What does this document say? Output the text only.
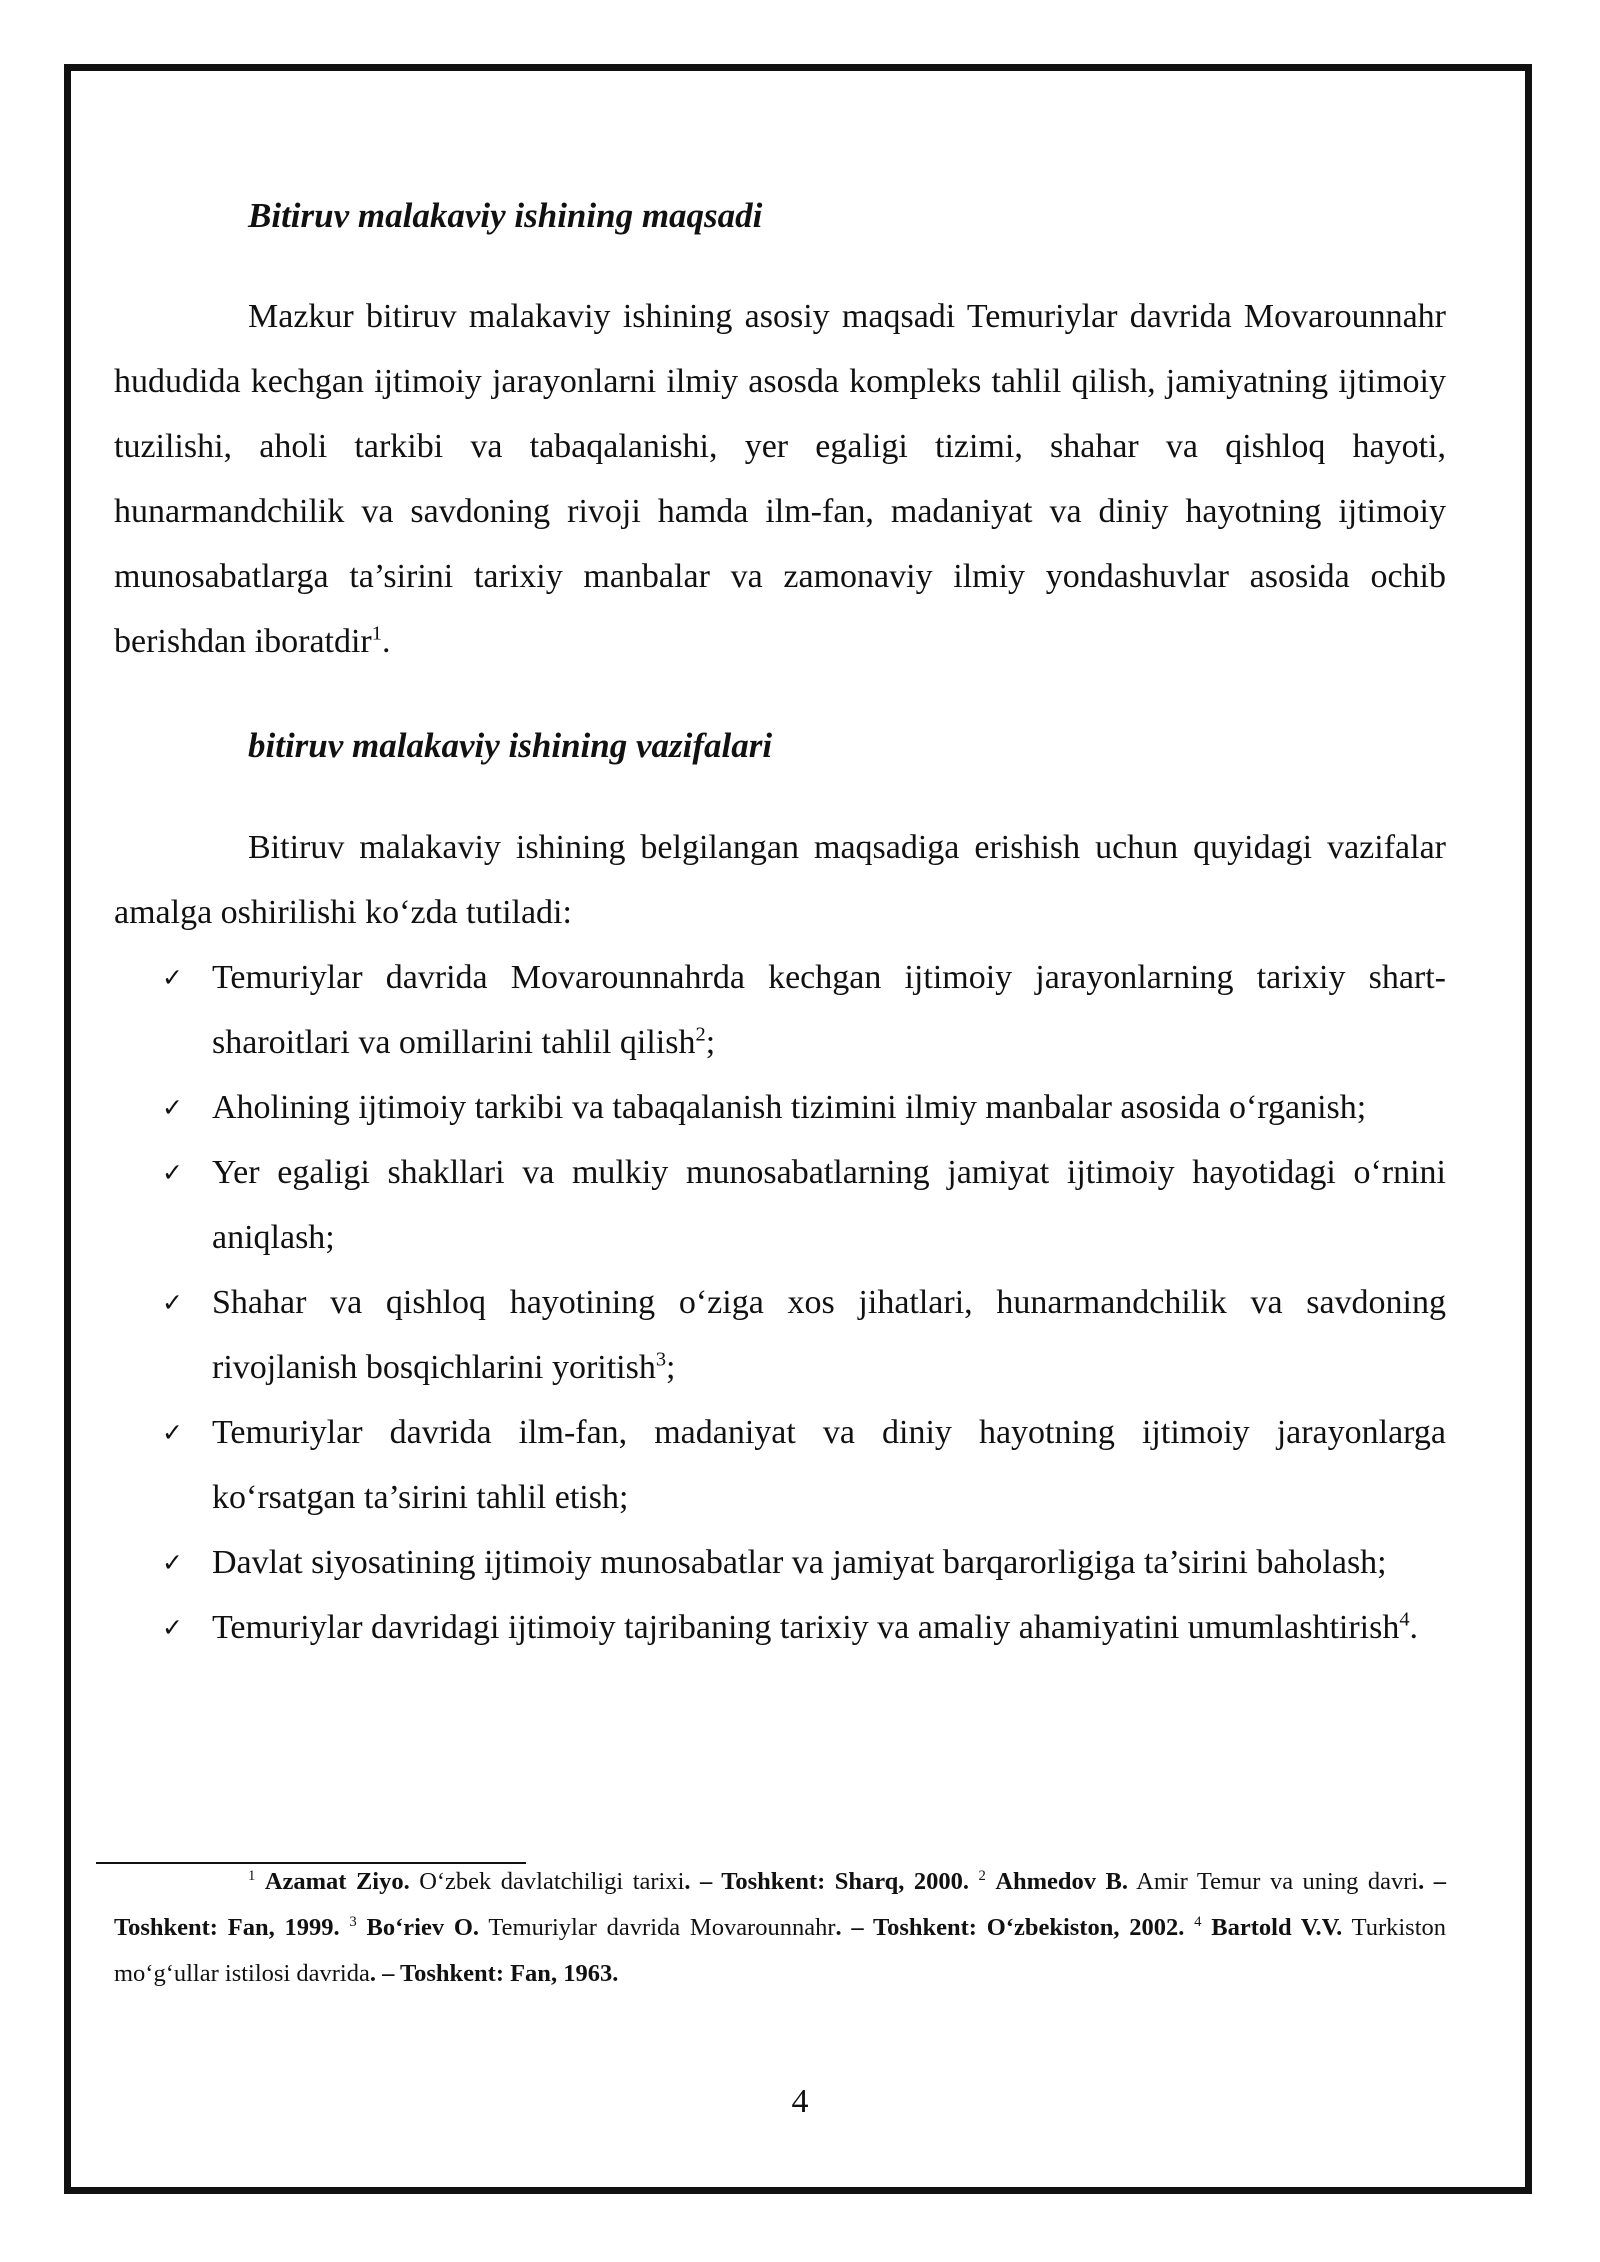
Bitiruv malakaviy ishining maqsadi

Mazkur bitiruv malakaviy ishining asosiy maqsadi Temuriylar davrida Movarounnahr hududida kechgan ijtimoiy jarayonlarni ilmiy asosda kompleks tahlil qilish, jamiyatning ijtimoiy tuzilishi, aholi tarkibi va tabaqalanishi, yer egaligi tizimi, shahar va qishloq hayoti, hunarmandchilik va savdoning rivoji hamda ilm-fan, madaniyat va diniy hayotning ijtimoiy munosabatlarga ta’sirini tarixiy manbalar va zamonaviy ilmiy yondashuvlar asosida ochib berishdan iboratdir$^1$.

bitiruv malakaviy ishining vazifalari

Bitiruv malakaviy ishining belgilangan maqsadiga erishish uchun quyidagi vazifalar amalga oshirilishi ko‘zda tutiladi:

✓ Temuriylar davrida Movarounnahrda kechgan ijtimoiy jarayonlarning tarixiy shart-sharoitlari va omillarini tahlil qilish$^2$;
✓ Aholining ijtimoiy tarkibi va tabaqalanish tizimini ilmiy manbalar asosida o‘rganish;
✓ Yer egaligi shakllari va mulkiy munosabatlarning jamiyat ijtimoiy hayotidagi o‘rnini aniqlash;
✓ Shahar va qishloq hayotining o‘ziga xos jihatlari, hunarmandchilik va savdoning rivojlanish bosqichlarini yoritish$^3$;
✓ Temuriylar davrida ilm-fan, madaniyat va diniy hayotning ijtimoiy jarayonlarga ko‘rsatgan ta’sirini tahlil etish;
✓ Davlat siyosatining ijtimoiy munosabatlar va jamiyat barqarorligiga ta’sirini baholash;
✓ Temuriylar davridagi ijtimoiy tajribaning tarixiy va amaliy ahamiyatini umumlashtirish$^4$.

$^1$ Azamat Ziyo. O‘zbek davlatchiligi tarixi. – Toshkent: Sharq, 2000. $^2$ Ahmedov B. Amir Temur va uning davri. – Toshkent: Fan, 1999. $^3$ Bo‘riev O. Temuriylar davrida Movarounnahr. – Toshkent: O‘zbekiston, 2002. $^4$ Bartold V.V. Turkiston mo‘g‘ullar istilosi davrida. – Toshkent: Fan, 1963.

4
